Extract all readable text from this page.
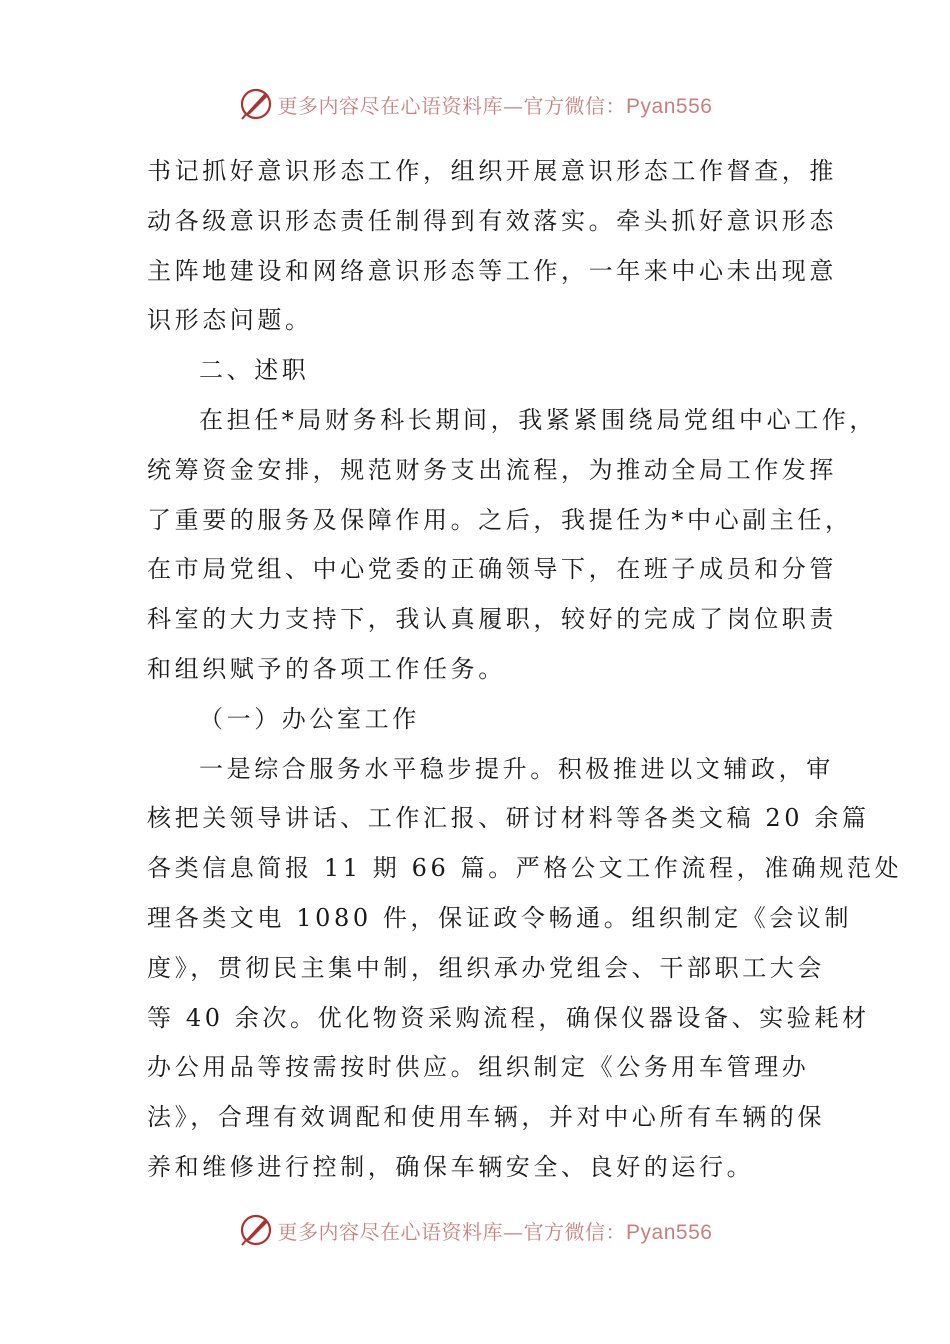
更多内容尽在心语资料库—官方微信：Pyan556

书记抓好意识形态工作，组织开展意识形态工作督查，推

动各级意识形态责任制得到有效落实。牵头抓好意识形态

主阵地建设和网络意识形态等工作，一年来中心未出现意

识形态问题。

二、述职

在担任*局财务科长期间，我紧紧围绕局党组中心工作，

统筹资金安排，规范财务支出流程，为推动全局工作发挥

了重要的服务及保障作用。之后，我提任为*中心副主任，

在市局党组、中心党委的正确领导下，在班子成员和分管

科室的大力支持下，我认真履职，较好的完成了岗位职责

和组织赋予的各项工作任务。

（一）办公室工作

一是综合服务水平稳步提升。积极推进以文辅政，审

核把关领导讲话、工作汇报、研讨材料等各类文稿 20 余篇

各类信息简报 11 期 66 篇。严格公文工作流程，准确规范处

理各类文电 1080 件，保证政令畅通。组织制定《会议制

度》，贯彻民主集中制，组织承办党组会、干部职工大会

等 40 余次。优化物资采购流程，确保仪器设备、实验耗材

办公用品等按需按时供应。组织制定《公务用车管理办

法》，合理有效调配和使用车辆，并对中心所有车辆的保

养和维修进行控制，确保车辆安全、良好的运行。

更多内容尽在心语资料库—官方微信：Pyan556
